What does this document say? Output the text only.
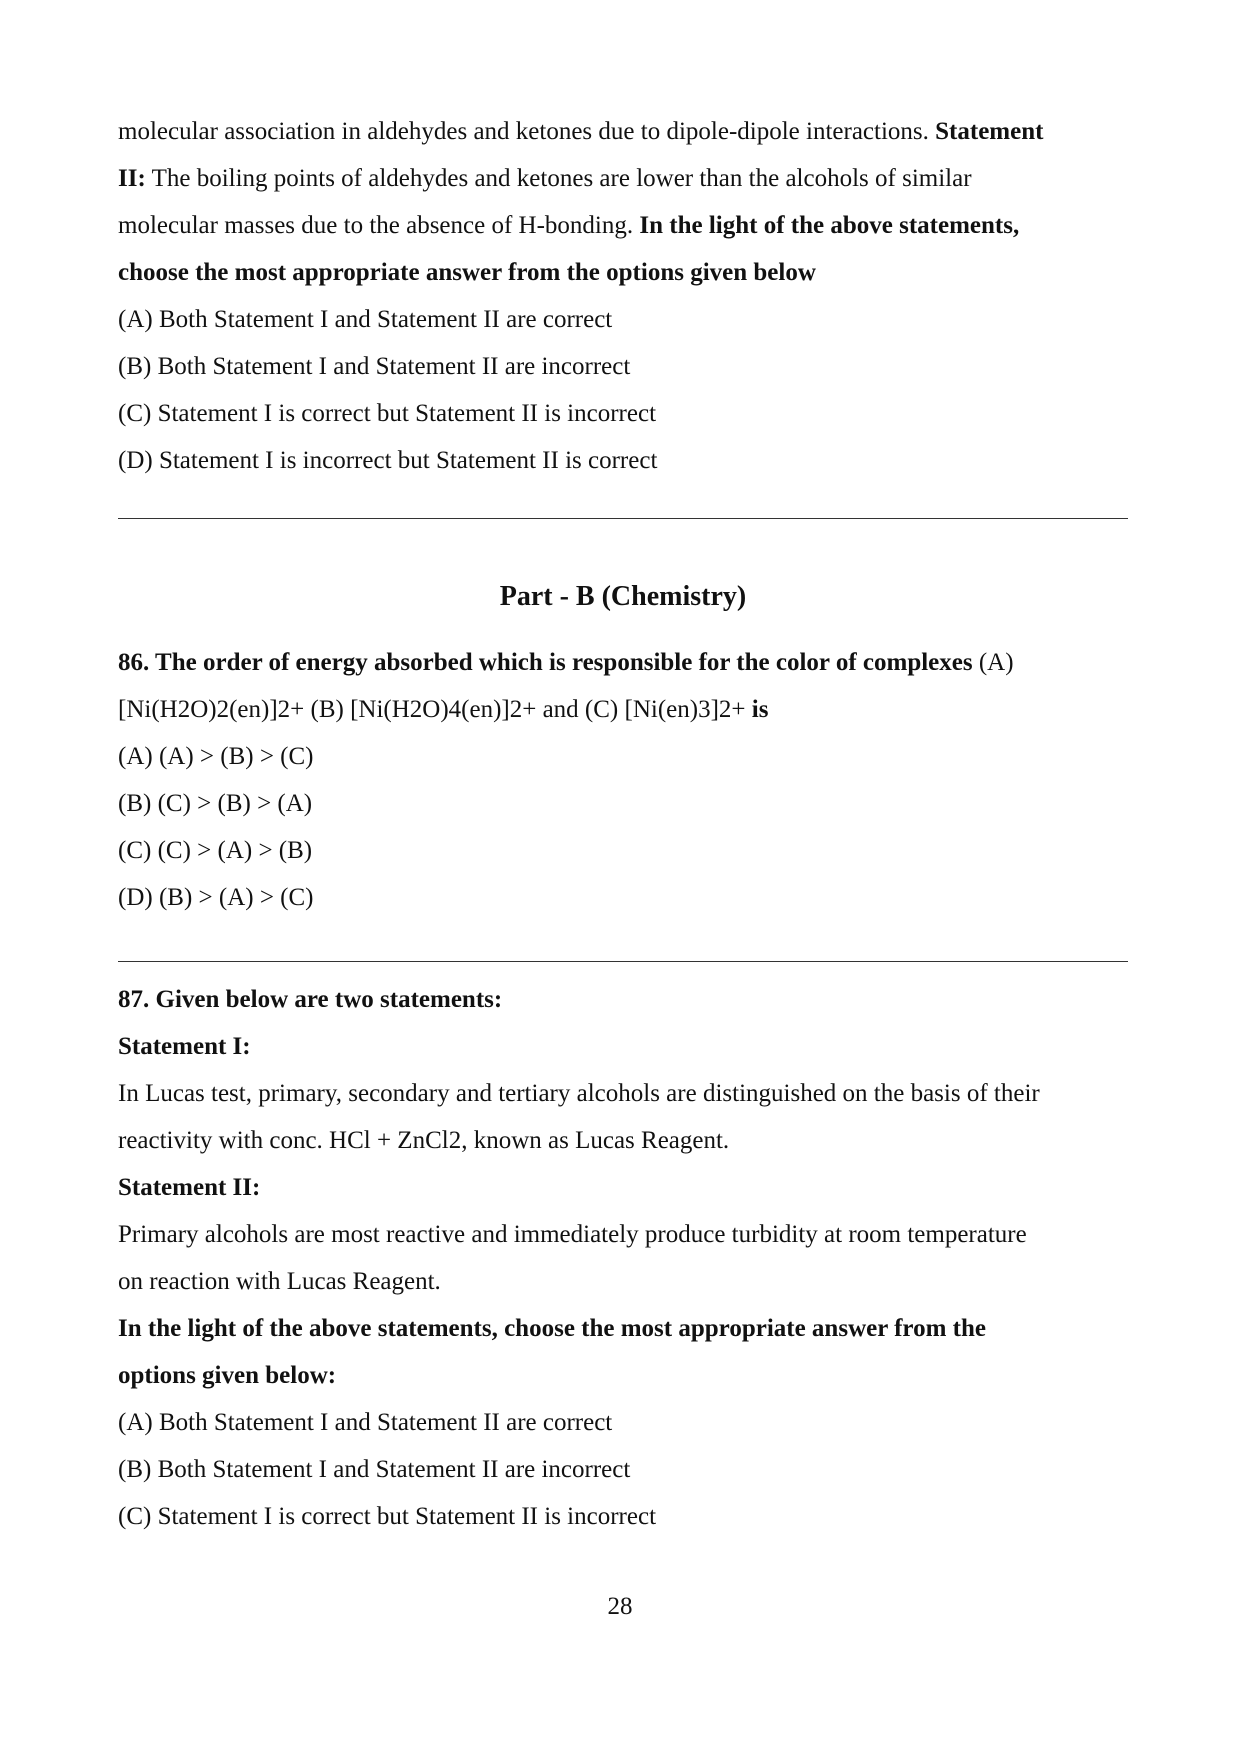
molecular association in aldehydes and ketones due to dipole-dipole interactions. Statement
II: The boiling points of aldehydes and ketones are lower than the alcohols of similar
molecular masses due to the absence of H-bonding. In the light of the above statements,
choose the most appropriate answer from the options given below
(A) Both Statement I and Statement II are correct
(B) Both Statement I and Statement II are incorrect
(C) Statement I is correct but Statement II is incorrect
(D) Statement I is incorrect but Statement II is correct
Part - B (Chemistry)
86. The order of energy absorbed which is responsible for the color of complexes (A)
[Ni(H2O)2(en)]2+ (B) [Ni(H2O)4(en)]2+ and (C) [Ni(en)3]2+ is
(A) (A) > (B) > (C)
(B) (C) > (B) > (A)
(C) (C) > (A) > (B)
(D) (B) > (A) > (C)
87. Given below are two statements:
Statement I:
In Lucas test, primary, secondary and tertiary alcohols are distinguished on the basis of their
reactivity with conc. HCl + ZnCl2, known as Lucas Reagent.
Statement II:
Primary alcohols are most reactive and immediately produce turbidity at room temperature
on reaction with Lucas Reagent.
In the light of the above statements, choose the most appropriate answer from the
options given below:
(A) Both Statement I and Statement II are correct
(B) Both Statement I and Statement II are incorrect
(C) Statement I is correct but Statement II is incorrect
28
